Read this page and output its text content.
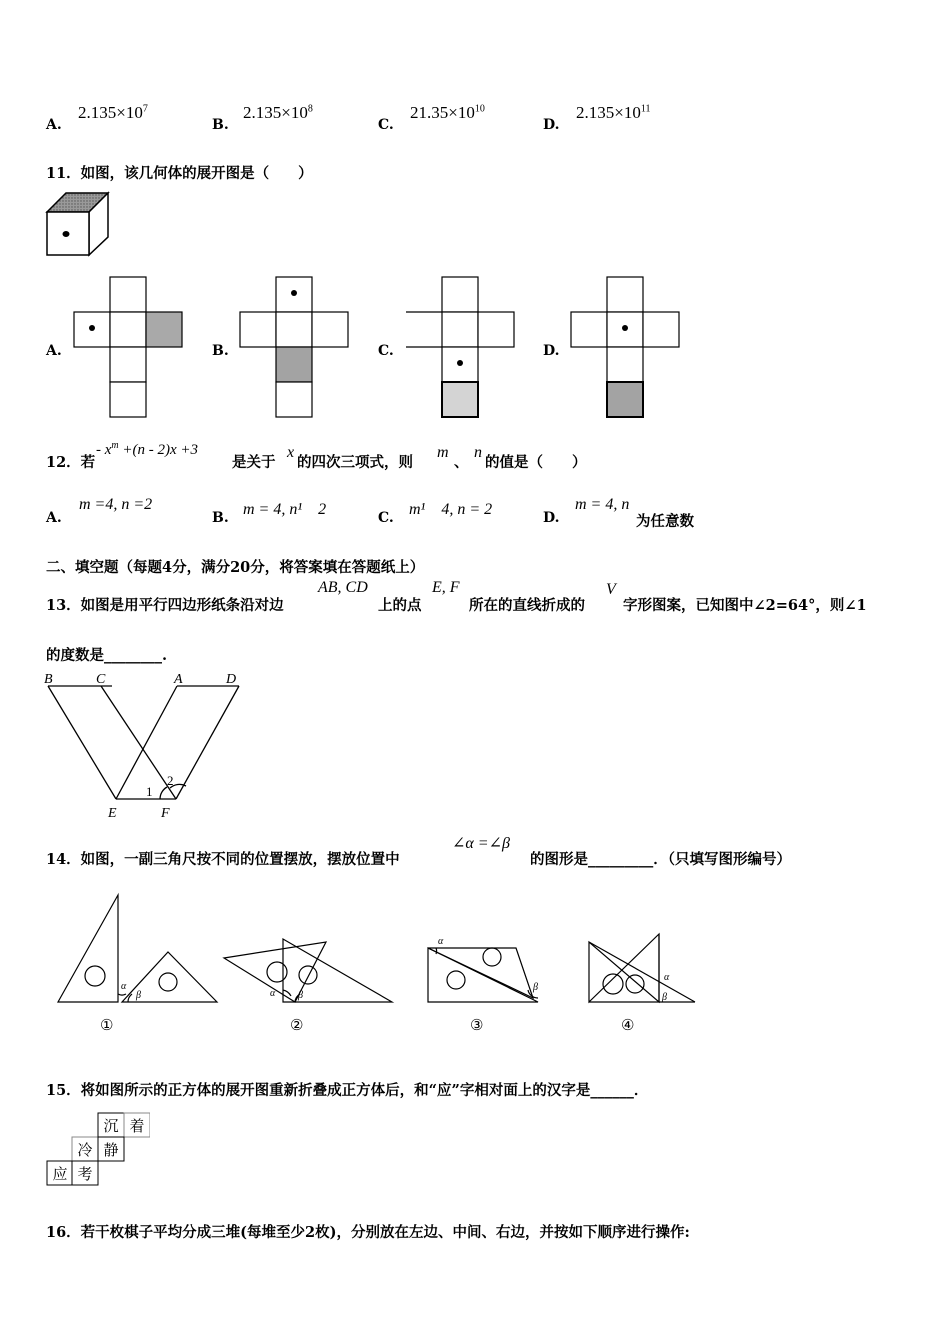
A.
$2.135\times 10^7$
B.
$2.135\times 10^8$
C.
$21.35\times 10^{10}$
D.
$2.135\times 10^{11}$
11．如图，该几何体的展开图是（　　）
A.	B.	C.	D.
12．若
- $x^m +(n - 2)x +3$
是关于
x
的四次三项式，则
m
、
n
的值是（　　）
A.
m =4, n =2
B. m = 4, n¹　2	C. m¹　4, n = 2	D.
m = 4, n
为任意数
二、填空题（每题4分，满分20分，将答案填在答题纸上）
13．如图是用平行四边形纸条沿对边
AB, CD
上的点
E, F
所在的直线折成的
V
字形图案，已知图中∠2=64°，则∠1
的度数是________.
B	C	A	D
E	F
1
2
14．如图，一副三角尺按不同的位置摆放，摆放位置中
∠α =∠β
的图形是_________．（只填写图形编号）
α
β	α β
α
β
α
β
①	②	③	④
15．将如图所示的正方体的展开图重新折叠成正方体后，和“应”字相对面上的汉字是______．
沉 着
冷 静
应 考
16．若干枚棋子平均分成三堆(每堆至少2枚)，分别放在左边、中间、右边，并按如下顺序进行操作:
